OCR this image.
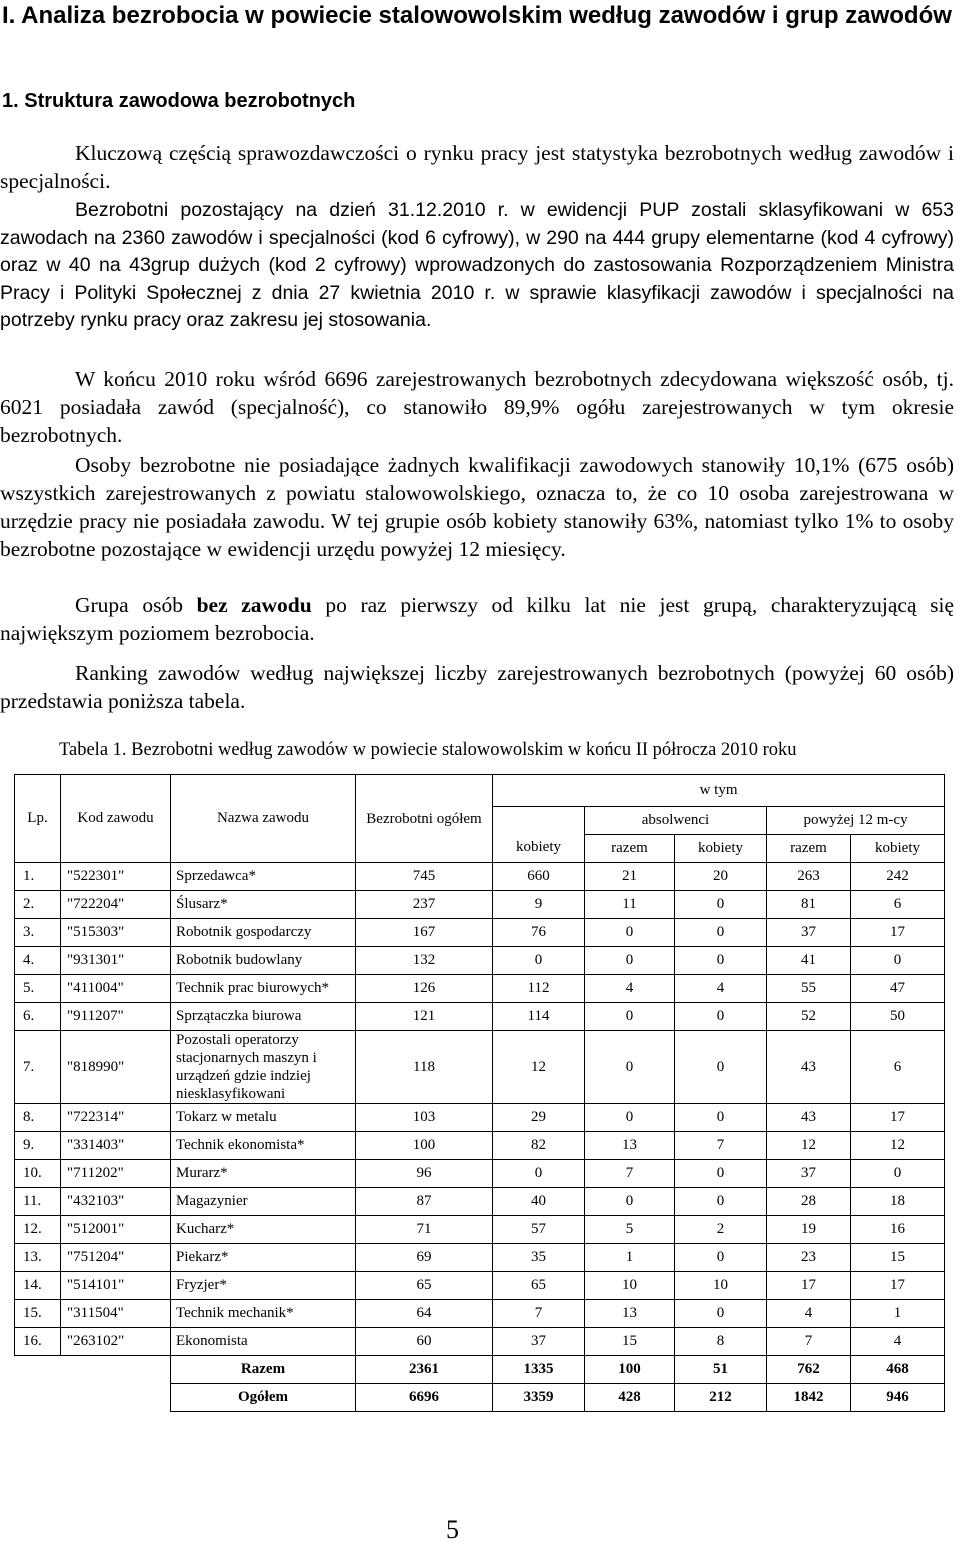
I. Analiza bezrobocia w powiecie stalowowolskim według zawodów i grup zawodów
1. Struktura zawodowa bezrobotnych

Kluczową częścią sprawozdawczości o rynku pracy jest statystyka bezrobotnych według zawodów i specjalności.

Bezrobotni pozostający na dzień 31.12.2010 r. w ewidencji PUP zostali sklasyfikowani w 653 zawodach na 2360 zawodów i specjalności (kod 6 cyfrowy), w 290 na 444 grupy elementarne (kod 4 cyfrowy) oraz w 40 na 43grup dużych (kod 2 cyfrowy) wprowadzonych do zastosowania Rozporządzeniem Ministra Pracy i Polityki Społecznej z dnia 27 kwietnia 2010 r. w sprawie klasyfikacji zawodów i specjalności na potrzeby rynku pracy oraz zakresu jej stosowania.

W końcu 2010 roku wśród 6696 zarejestrowanych bezrobotnych zdecydowana większość osób, tj. 6021 posiadała zawód (specjalność), co stanowiło 89,9% ogółu zarejestrowanych w tym okresie bezrobotnych.

Osoby bezrobotne nie posiadające żadnych kwalifikacji zawodowych stanowiły 10,1% (675 osób) wszystkich zarejestrowanych z powiatu stalowowolskiego, oznacza to, że co 10 osoba zarejestrowana w urzędzie pracy nie posiadała zawodu. W tej grupie osób kobiety stanowiły 63%, natomiast tylko 1% to osoby bezrobotne pozostające w ewidencji urzędu powyżej 12 miesięcy.

Grupa osób bez zawodu po raz pierwszy od kilku lat nie jest grupą, charakteryzującą się największym poziomem bezrobocia.

Ranking zawodów według największej liczby zarejestrowanych bezrobotnych (powyżej 60 osób) przedstawia poniższa tabela.

Tabela 1. Bezrobotni według zawodów w powiecie stalowowolskim w końcu II półrocza 2010 roku

Lp.	Kod zawodu	Nazwa zawodu	Bezrobotni ogółem	w tym				
				kobiety	absolwenci		powyżej 12 m-cy	
					razem	kobiety	razem	kobiety
1.	"522301"	Sprzedawca*	745	660	21	20	263	242
2.	"722204"	Ślusarz*	237	9	11	0	81	6
3.	"515303"	Robotnik gospodarczy	167	76	0	0	37	17
4.	"931301"	Robotnik budowlany	132	0	0	0	41	0
5.	"411004"	Technik prac biurowych*	126	112	4	4	55	47
6.	"911207"	Sprzątaczka biurowa	121	114	0	0	52	50
7.	"818990"	Pozostali operatorzy stacjonarnych maszyn i urządzeń gdzie indziej niesklasyfikowani	118	12	0	0	43	6
8.	"722314"	Tokarz w metalu	103	29	0	0	43	17
9.	"331403"	Technik ekonomista*	100	82	13	7	12	12
10.	"711202"	Murarz*	96	0	7	0	37	0
11.	"432103"	Magazynier	87	40	0	0	28	18
12.	"512001"	Kucharz*	71	57	5	2	19	16
13.	"751204"	Piekarz*	69	35	1	0	23	15
14.	"514101"	Fryzjer*	65	65	10	10	17	17
15.	"311504"	Technik mechanik*	64	7	13	0	4	1
16.	"263102"	Ekonomista	60	37	15	8	7	4
		Razem	2361	1335	100	51	762	468
		Ogółem	6696	3359	428	212	1842	946
5
